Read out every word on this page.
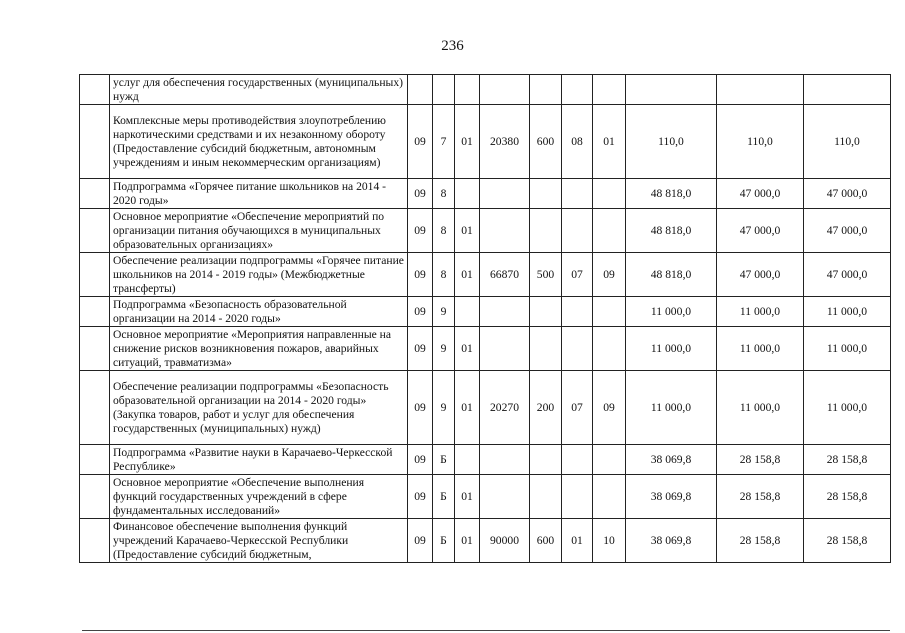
236
	услуг для обеспечения государственных (муниципальных) нужд										
	Комплексные меры противодействия злоупотреблению наркотическими средствами и их незаконному обороту (Предоставление субсидий бюджетным, автономным учреждениям и иным некоммерческим организациям)	09	7	01	20380	600	08	01	110,0	110,0	110,0
	Подпрограмма «Горячее питание школьников на 2014 - 2020 годы»	09	8						48 818,0	47 000,0	47 000,0
	Основное мероприятие «Обеспечение мероприятий по организации питания обучающихся в муниципальных образовательных организациях»	09	8	01					48 818,0	47 000,0	47 000,0
	Обеспечение реализации подпрограммы «Горячее питание школьников на 2014 - 2019 годы» (Межбюджетные трансферты)	09	8	01	66870	500	07	09	48 818,0	47 000,0	47 000,0
	Подпрограмма «Безопасность образовательной организации на 2014 - 2020 годы»	09	9						11 000,0	11 000,0	11 000,0
	Основное мероприятие «Мероприятия направленные на снижение рисков возникновения пожаров, аварийных ситуаций, травматизма»	09	9	01					11 000,0	11 000,0	11 000,0
	Обеспечение реализации подпрограммы «Безопасность образовательной организации на 2014 - 2020 годы» (Закупка товаров, работ и услуг для обеспечения государственных (муниципальных) нужд)	09	9	01	20270	200	07	09	11 000,0	11 000,0	11 000,0
	Подпрограмма «Развитие науки в Карачаево-Черкесской Республике»	09	Б						38 069,8	28 158,8	28 158,8
	Основное мероприятие «Обеспечение выполнения функций государственных учреждений в сфере фундаментальных исследований»	09	Б	01					38 069,8	28 158,8	28 158,8
	Финансовое обеспечение выполнения функций учреждений Карачаево-Черкесской Республики (Предоставление субсидий бюджетным,	09	Б	01	90000	600	01	10	38 069,8	28 158,8	28 158,8
